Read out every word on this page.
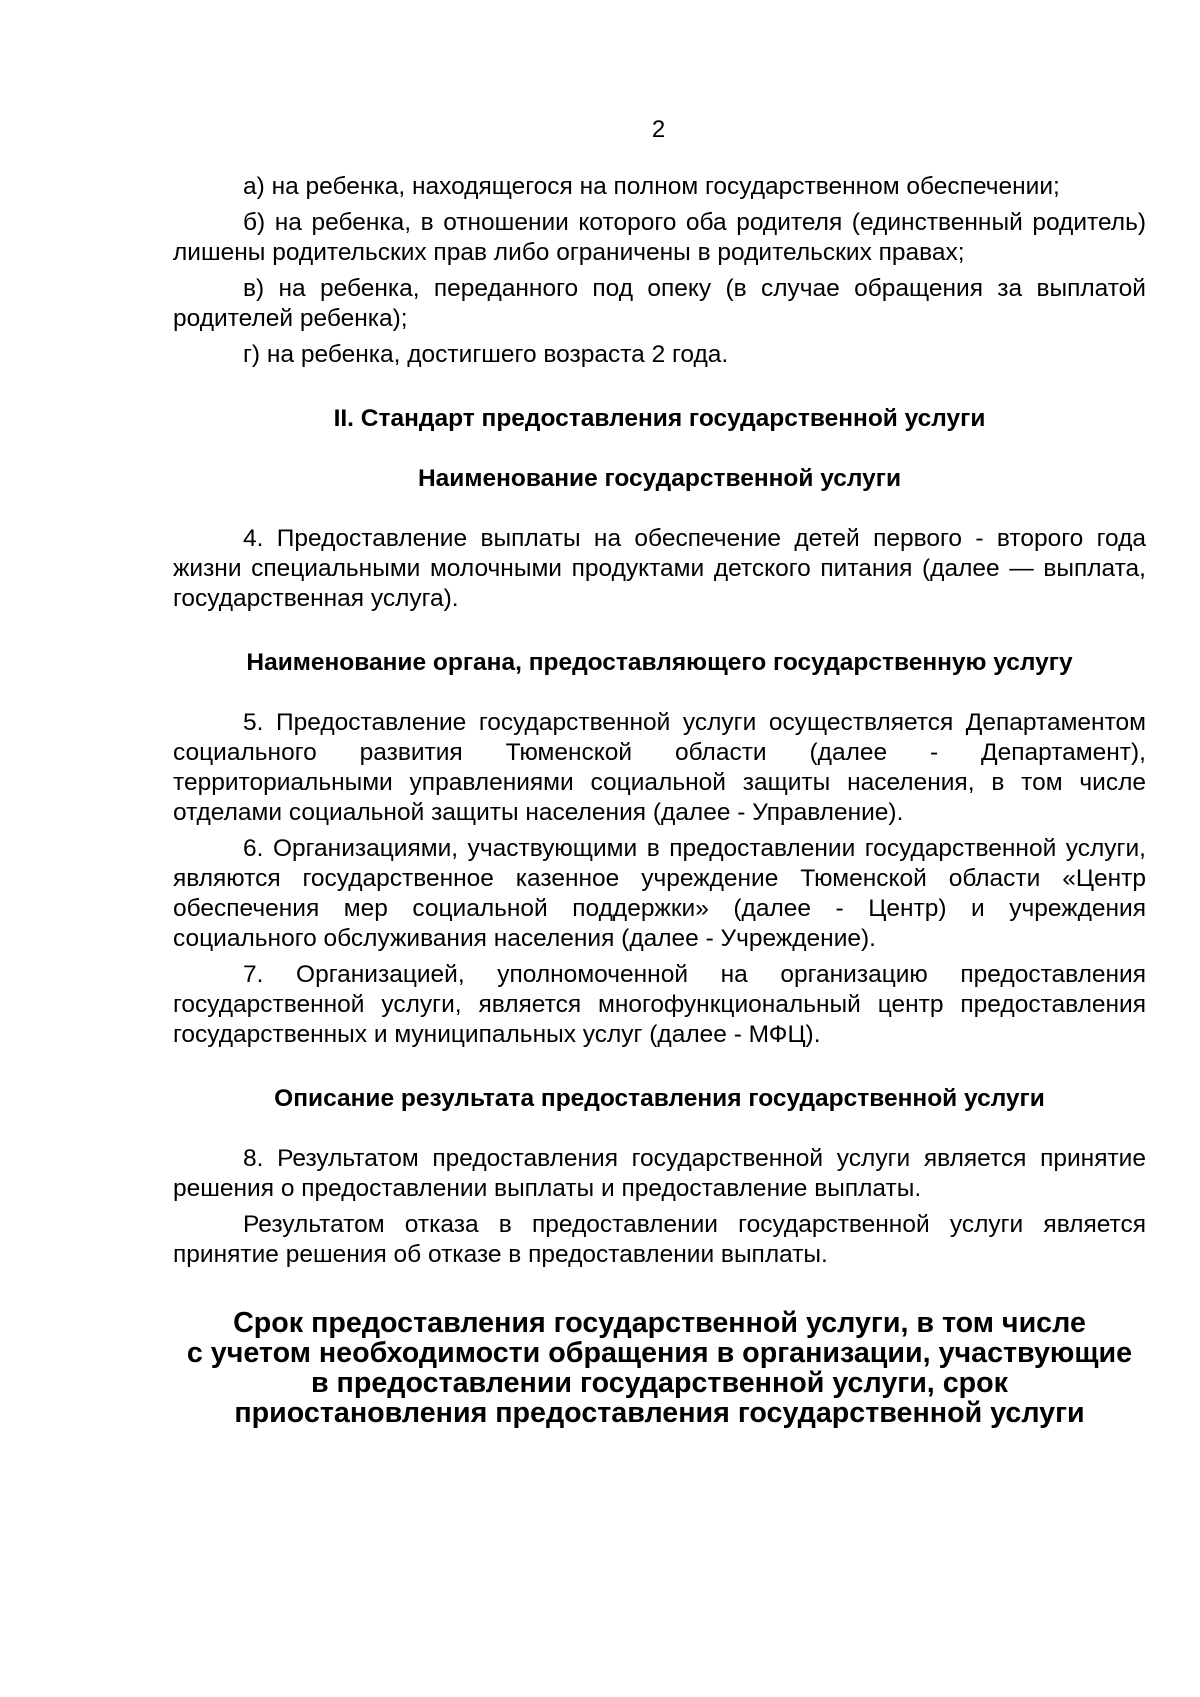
2

а) на ребенка, находящегося на полном государственном обеспечении;

б) на ребенка, в отношении которого оба родителя (единственный родитель) лишены родительских прав либо ограничены в родительских правах;

в) на ребенка, переданного под опеку (в случае обращения за выплатой родителей ребенка);

г) на ребенка, достигшего возраста 2 года.

II. Стандарт предоставления государственной услуги
Наименование государственной услуги

4. Предоставление выплаты на обеспечение детей первого - второго года жизни специальными молочными продуктами детского питания (далее — выплата, государственная услуга).

Наименование органа, предоставляющего государственную услугу

5. Предоставление государственной услуги осуществляется Департаментом социального развития Тюменской области (далее - Департамент), территориальными управлениями социальной защиты населения, в том числе отделами социальной защиты населения (далее - Управление).

6. Организациями, участвующими в предоставлении государственной услуги, являются государственное казенное учреждение Тюменской области «Центр обеспечения мер социальной поддержки» (далее - Центр) и учреждения социального обслуживания населения (далее - Учреждение).

7. Организацией, уполномоченной на организацию предоставления государственной услуги, является многофункциональный центр предоставления государственных и муниципальных услуг (далее - МФЦ).

Описание результата предоставления государственной услуги

8. Результатом предоставления государственной услуги является принятие решения о предоставлении выплаты и предоставление выплаты.

Результатом отказа в предоставлении государственной услуги является принятие решения об отказе в предоставлении выплаты.

Срок предоставления государственной услуги, в том числе
с учетом необходимости обращения в организации, участвующие
в предоставлении государственной услуги, срок
приостановления предоставления государственной услуги
